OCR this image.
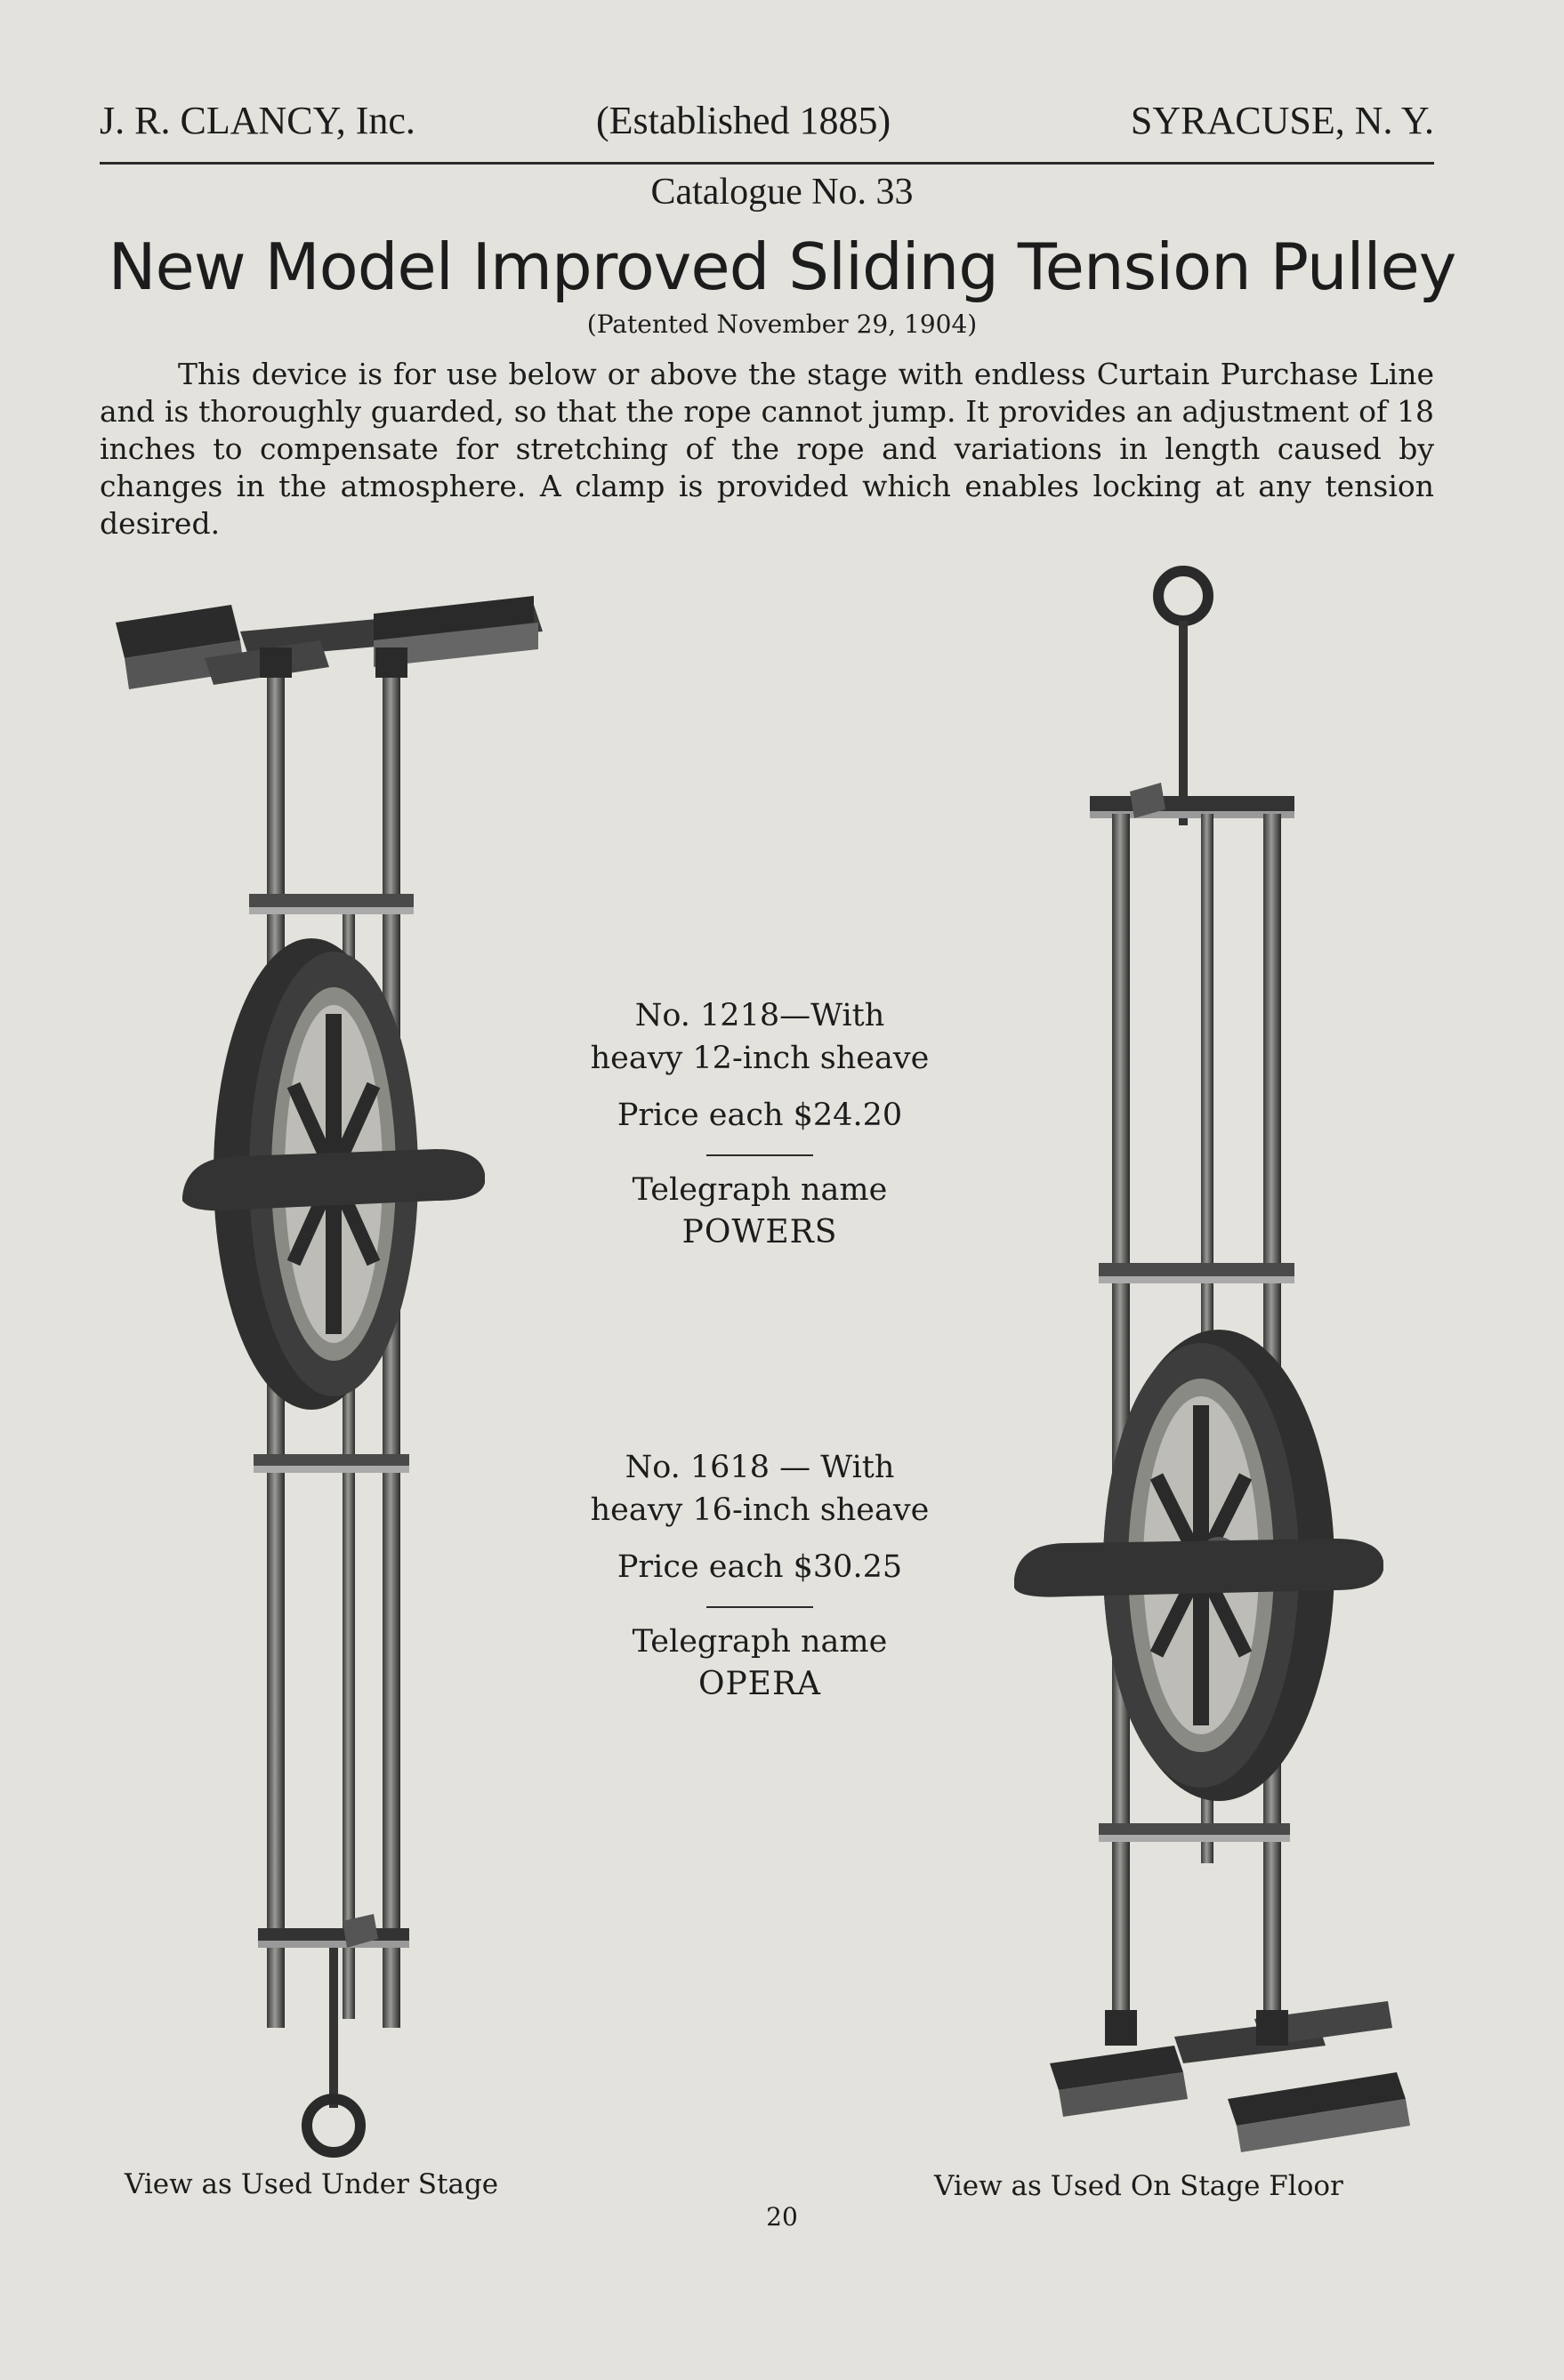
J. R. CLANCY, Inc.	(Established 1885)	SYRACUSE, N. Y.
Catalogue No. 33
New Model Improved Sliding Tension Pulley
(Patented November 29, 1904)
This device is for use below or above the stage with endless Curtain Purchase Line and is thoroughly guarded, so that the rope cannot jump. It provides an adjustment of 18 inches to compensate for stretching of the rope and variations in length caused by changes in the atmosphere. A clamp is provided which enables locking at any tension desired.
No. 1218—With
heavy 12-inch sheave
Price each $24.20
Telegraph name
POWERS
No. 1618 — With
heavy 16-inch sheave
Price each $30.25
Telegraph name
OPERA
View as Used Under Stage	View as Used On Stage Floor
20
